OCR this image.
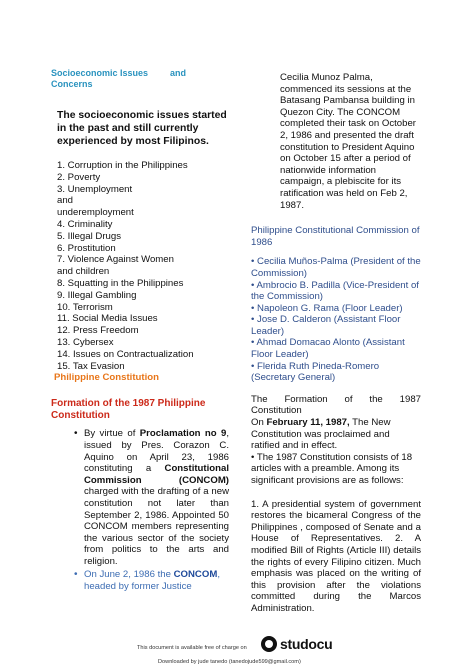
Socioeconomic Issues and
Concerns

The socioeconomic issues started in the past and still currently experienced by most Filipinos.

1. Corruption in the Philippines
2. Poverty
3. Unemployment
and
underemployment
4. Criminality
5. Illegal Drugs
6. Prostitution
7. Violence Against Women
and children
8. Squatting in the Philippines
9. Illegal Gambling
10. Terrorism
11. Social Media Issues
12. Press Freedom
13. Cybersex
14. Issues on Contractualization
15. Tax Evasion
Philippine Constitution
Formation of the 1987 Philippine Constitution
• By virtue of Proclamation no 9, issued by Pres. Corazon C. Aquino on April 23, 1986 constituting a Constitutional Commission (CONCOM) charged with the drafting of a new constitution not later than September 2, 1986. Appointed 50 CONCOM members representing the various sector of the society from politics to the arts and religion.
• On June 2, 1986 the CONCOM, headed by former Justice

Cecilia Munoz Palma, commenced its sessions at the Batasang Pambansa building in Quezon City. The CONCOM completed their task on October 2, 1986 and presented the draft constitution to President Aquino on October 15 after a period of nationwide information campaign, a plebiscite for its ratification was held on Feb 2, 1987.

Philippine Constitutional Commission of 1986
• Cecilia Muños-Palma (President of the Commission)
• Ambrocio B. Padilla (Vice-President of the Commission)
• Napoleon G. Rama (Floor Leader)
• Jose D. Calderon (Assistant Floor Leader)
• Ahmad Domacao Alonto (Assistant Floor Leader)
• Flerida Ruth Pineda-Romero (Secretary General)
The Formation of the 1987
Constitution

On February 11, 1987, The New Constitution was proclaimed and ratified and in effect.

• The 1987 Constitution consists of 18 articles with a preamble. Among its significant provisions are as follows:

1. A presidential system of government restores the bicameral Congress of the Philippines , composed of Senate and a House of Representatives. 2. A modified Bill of Rights (Article III) details the rights of every Filipino citizen. Much emphasis was placed on the writing of this provision after the violations committed during the Marcos Administration.

This document is available free of charge on studocu
Downloaded by jude tanedo (tanedojude599@gmail.com)
